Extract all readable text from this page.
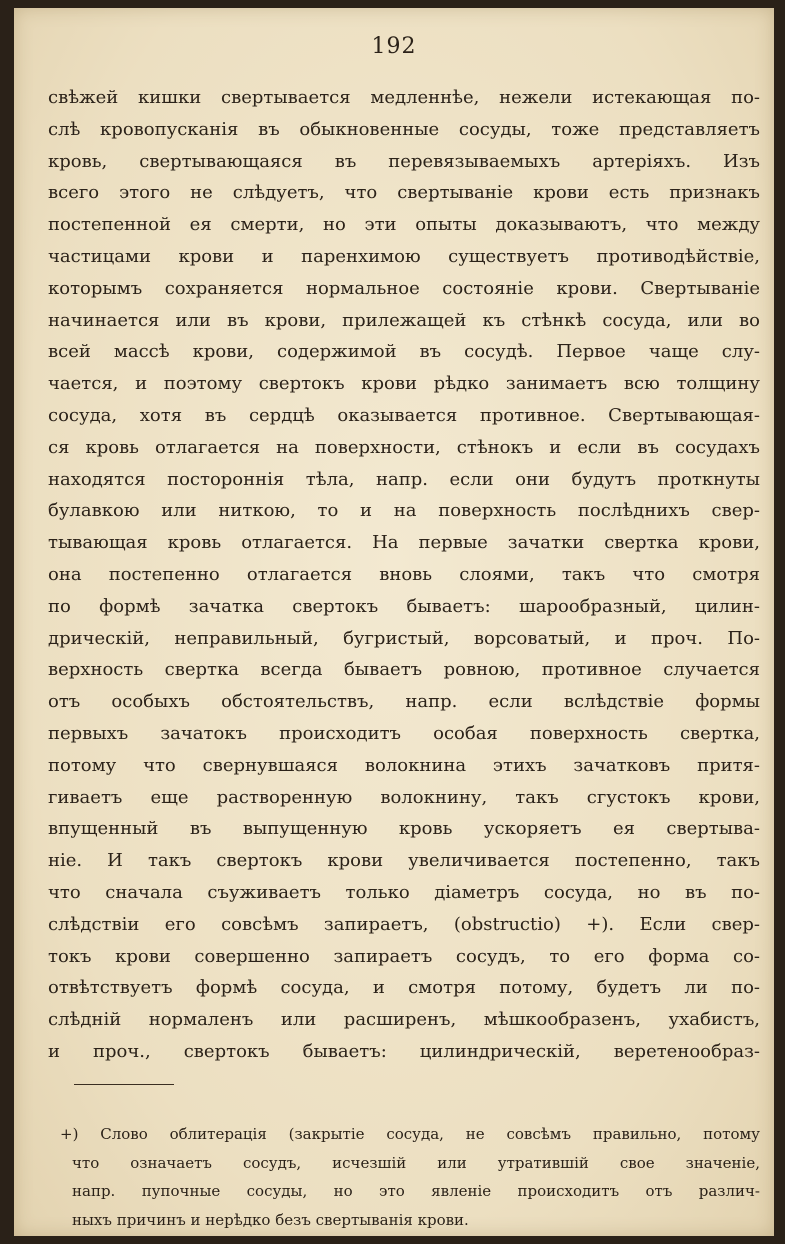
192
свѣжей кишки свертывается медленнѣе, нежели истекающая по-
слѣ кровопусканія въ обыкновенные сосуды, тоже представляетъ
кровь, свертывающаяся въ перевязываемыхъ артеріяхъ. Изъ
всего этого не слѣдуетъ, что свертываніе крови есть признакъ
постепенной ея смерти, но эти опыты доказываютъ, что между
частицами крови и паренхимою существуетъ противодѣйствіе,
которымъ сохраняется нормальное состояніе крови. Свертываніе
начинается или въ крови, прилежащей къ стѣнкѣ сосуда, или во
всей массѣ крови, содержимой въ сосудѣ. Первое чаще слу-
чается, и поэтому свертокъ крови рѣдко занимаетъ всю толщину
сосуда, хотя въ сердцѣ оказывается противное. Свертывающая-
ся кровь отлагается на поверхности, стѣнокъ и если въ сосудахъ
находятся постороннія тѣла, напр. если они будутъ проткнуты
булавкою или ниткою, то и на поверхность послѣднихъ свер-
тывающая кровь отлагается. На первые зачатки свертка крови,
она постепенно отлагается вновь слоями, такъ что смотря
по формѣ зачатка свертокъ бываетъ: шарообразный, цилин-
дрическій, неправильный, бугристый, ворсоватый, и проч. По-
верхность свертка всегда бываетъ ровною, противное случается
отъ особыхъ обстоятельствъ, напр. если вслѣдствіе формы
первыхъ зачатокъ происходитъ особая поверхность свертка,
потому что свернувшаяся волокнина этихъ зачатковъ притя-
гиваетъ еще растворенную волокнину, такъ сгустокъ крови,
впущенный въ выпущенную кровь ускоряетъ ея свертыва-
ніе. И такъ свертокъ крови увеличивается постепенно, такъ
что сначала съуживаетъ только діаметръ сосуда, но въ по-
слѣдствіи его совсѣмъ запираетъ, (obstructio) +). Если свер-
токъ крови совершенно запираетъ сосудъ, то его форма со-
отвѣтствуетъ формѣ сосуда, и смотря потому, будетъ ли по-
слѣдній нормаленъ или расширенъ, мѣшкообразенъ, ухабистъ,
и проч., свертокъ бываетъ: цилиндрическій, веретенообраз-
+) Слово облитерація (закрытіе сосуда, не совсѣмъ правильно, потому
что означаетъ сосудъ, исчезшій или утратившій свое значеніе,
напр. пупочные сосуды, но это явленіе происходитъ отъ различ-
ныхъ причинъ и нерѣдко безъ свертыванія крови.
